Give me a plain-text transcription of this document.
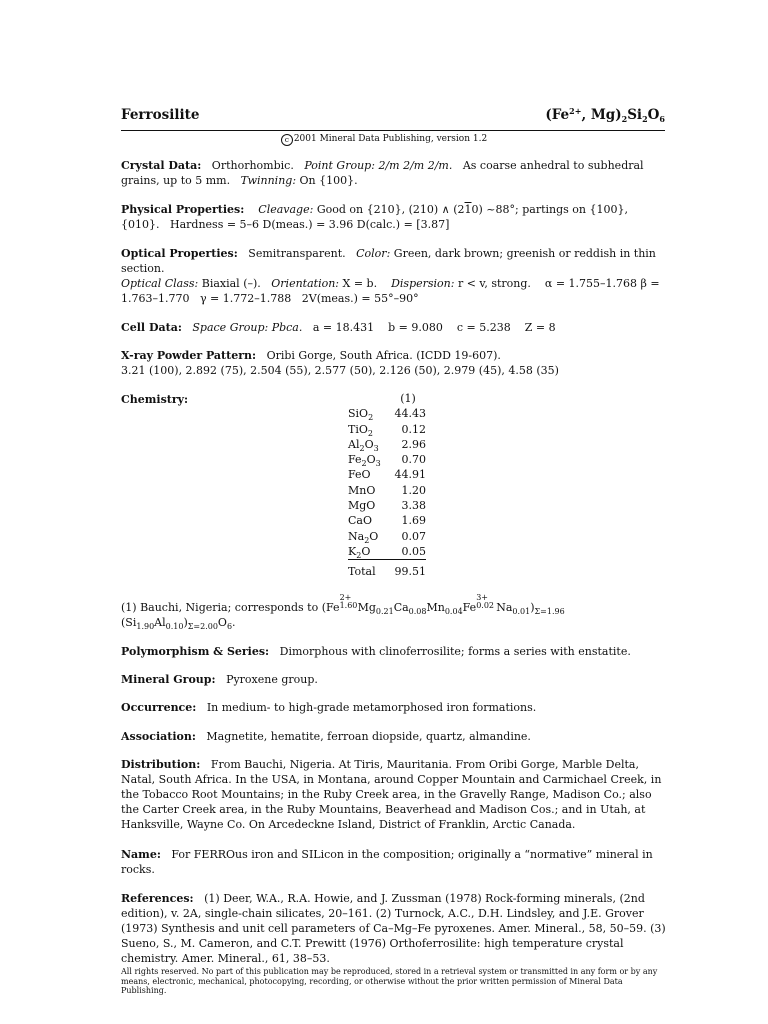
Ferrosilite	($Fe^{2+}$, $Mg)_2Si_2O_6$
c 2001 Mineral Data Publishing, version 1.2
Crystal Data: Orthorhombic. Point Group: 2/m 2/m 2/m. As coarse anhedral to subhedral grains, up to 5 mm. Twinning: On {100}.
Physical Properties: Cleavage: Good on {210}, (210) ∧ (210) ~88°; partings on {100}, {010}. Hardness = 5–6 D(meas.) = 3.96 D(calc.) = [3.87]
Optical Properties: Semitransparent. Color: Green, dark brown; greenish or reddish in thin section.
Optical Class: Biaxial (–). Orientation: X = b. Dispersion: r < v, strong. α = 1.755–1.768 β = 1.763–1.770 γ = 1.772–1.788 2V(meas.) = 55°–90°
Cell Data: Space Group: Pbca. a = 18.431 b = 9.080 c = 5.238 Z = 8
X-ray Powder Pattern: Oribi Gorge, South Africa. (ICDD 19-607).
3.21 (100), 2.892 (75), 2.504 (55), 2.577 (50), 2.126 (50), 2.979 (45), 4.58 (35)
Chemistry:
		(1)
SiO$_2$	44.43
TiO$_2$	0.12
$Al_2O_3$	2.96
$Fe_2O_3$	0.70
FeO	44.91
MnO	1.20
MgO	3.38
CaO	1.69
$Na_2O$	0.07
$K_2O$	0.05
Total	99.51
(1) Bauchi, Nigeria; corresponds to (Fe
2+
1.60 $Mg_{0.21}Ca_{0.08}Mn_{0.04}Fe$
3+
0.02 $Na_{0.01})_{\Sigma=1.96}$
$(Si_{1.90}Al_{0.10})_{\Sigma=2.00}O_6$.
Polymorphism & Series: Dimorphous with clinoferrosilite; forms a series with enstatite.
Mineral Group: Pyroxene group.
Occurrence: In medium- to high-grade metamorphosed iron formations.
Association: Magnetite, hematite, ferroan diopside, quartz, almandine.
Distribution: From Bauchi, Nigeria. At Tiris, Mauritania. From Oribi Gorge, Marble Delta, Natal, South Africa. In the USA, in Montana, around Copper Mountain and Carmichael Creek, in the Tobacco Root Mountains; in the Ruby Creek area, in the Gravelly Range, Madison Co.; also the Carter Creek area, in the Ruby Mountains, Beaverhead and Madison Cos.; and in Utah, at Hanksville, Wayne Co. On Arcedeckne Island, District of Franklin, Arctic Canada.
Name: For FERROus iron and SILicon in the composition; originally a “normative” mineral in rocks.
References: (1) Deer, W.A., R.A. Howie, and J. Zussman (1978) Rock-forming minerals, (2nd edition), v. 2A, single-chain silicates, 20–161. (2) Turnock, A.C., D.H. Lindsley, and J.E. Grover (1973) Synthesis and unit cell parameters of Ca–Mg–Fe pyroxenes. Amer. Mineral., 58, 50–59. (3) Sueno, S., M. Cameron, and C.T. Prewitt (1976) Orthoferrosilite: high temperature crystal chemistry. Amer. Mineral., 61, 38–53.
All rights reserved. No part of this publication may be reproduced, stored in a retrieval system or transmitted in any form or by any means, electronic, mechanical, photocopying, recording, or otherwise without the prior written permission of Mineral Data Publishing.
